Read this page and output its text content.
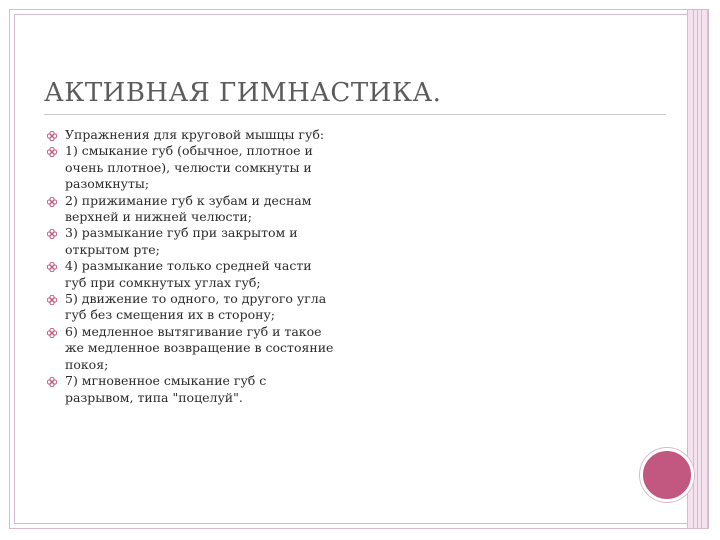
АКТИВНАЯ ГИМНАСТИКА.
Упражнения для круговой мышцы губ:
1) смыкание губ (обычное, плотное и очень плотное), челюсти сомкнуты и разомкнуты;
2) прижимание губ к зубам и деснам верхней и нижней челюсти;
3) размыкание губ при закрытом и открытом рте;
4) размыкание только средней части губ при сомкнутых углах губ;
5) движение то одного, то другого угла губ без смещения их в сторону;
6) медленное вытягивание губ и такое же медленное возвращение в состояние покоя;
7) мгновенное смыкание губ с разрывом, типа "поцелуй".
